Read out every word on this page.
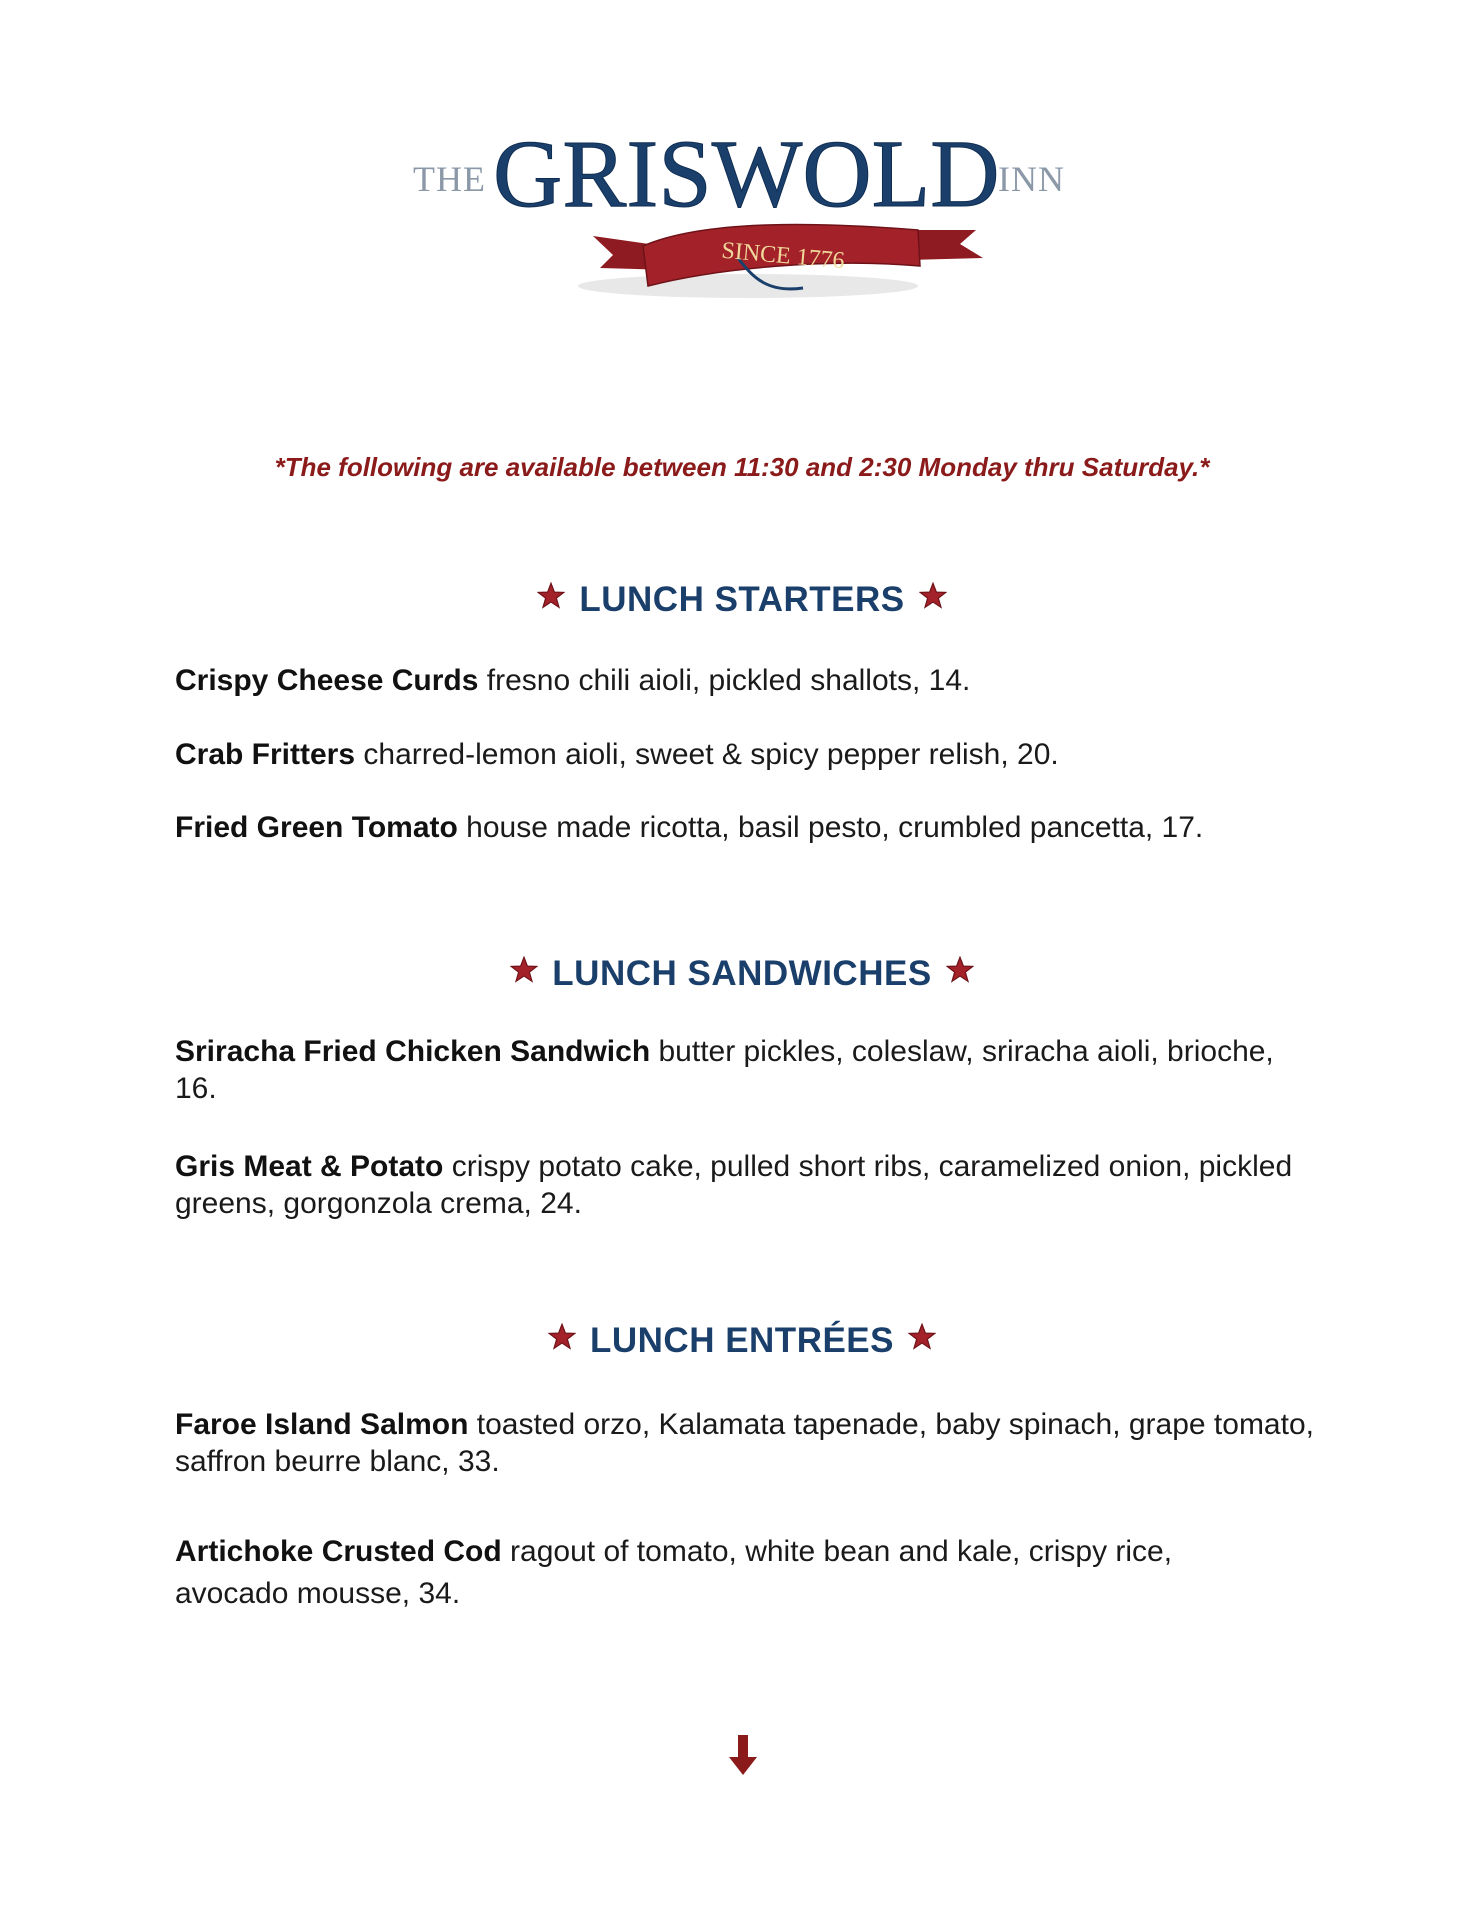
SINCE 1776
THE GRISWOLD
INN
*The following are available between 11:30 and 2:30 Monday thru Saturday.*
LUNCH STARTERS
Crispy Cheese Curds fresno chili aioli, pickled shallots, 14.
Crab Fritters charred-lemon aioli, sweet & spicy pepper relish, 20.
Fried Green Tomato house made ricotta, basil pesto, crumbled pancetta, 17.
LUNCH SANDWICHES
Sriracha Fried Chicken Sandwich butter pickles, coleslaw, sriracha aioli, brioche, 16.
Gris Meat & Potato crispy potato cake, pulled short ribs, caramelized onion, pickled greens, gorgonzola crema, 24.
LUNCH ENTRÉES
Faroe Island Salmon toasted orzo, Kalamata tapenade, baby spinach, grape tomato, saffron beurre blanc, 33.
Artichoke Crusted Cod ragout of tomato, white bean and kale, crispy rice, avocado mousse, 34.
